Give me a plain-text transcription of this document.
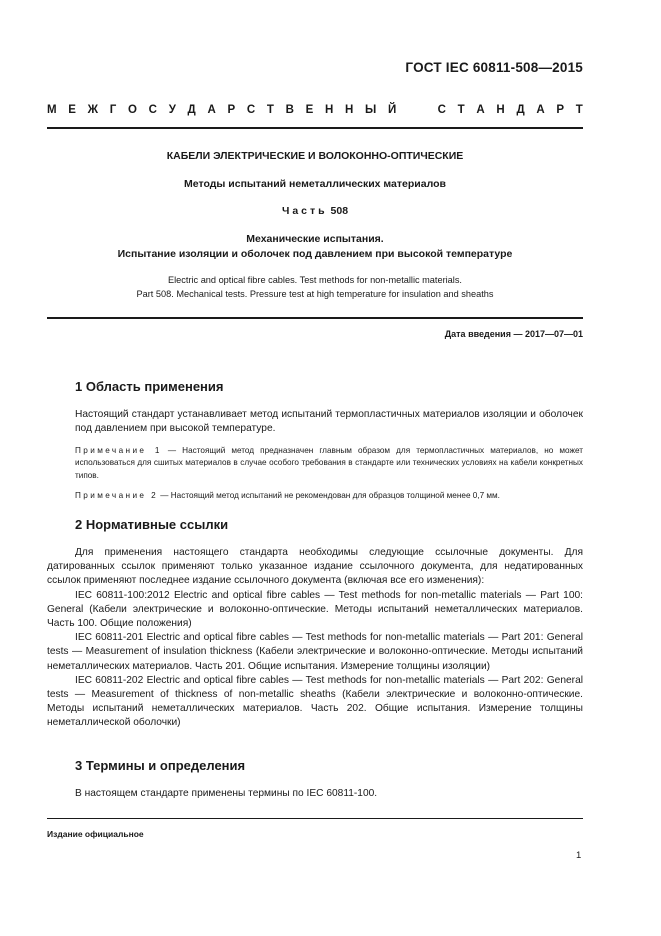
ГОСТ IEC 60811-508—2015
М Е Ж Г О С У Д А Р С Т В Е Н Н Ы Й	С Т А Н Д А Р Т
КАБЕЛИ ЭЛЕКТРИЧЕСКИЕ И ВОЛОКОННО-ОПТИЧЕСКИЕ
Методы испытаний неметаллических материалов
Часть 508
Механические испытания.
Испытание изоляции и оболочек под давлением при высокой температуре
Electric and optical fibre cables. Test methods for non-metallic materials.
Part 508. Mechanical tests. Pressure test at high temperature for insulation and sheaths
Дата введения — 2017—07—01
1 Область применения

Настоящий стандарт устанавливает метод испытаний термопластичных материалов изоляции и оболочек под давлением при высокой температуре.

Примечание 1 — Настоящий метод предназначен главным образом для термопластичных материалов, но может использоваться для сшитых материалов в случае особого требования в стандарте или технических условиях на кабели конкретных типов.
Примечание 2 — Настоящий метод испытаний не рекомендован для образцов толщиной менее 0,7 мм.
2 Нормативные ссылки

Для применения настоящего стандарта необходимы следующие ссылочные документы. Для датированных ссылок применяют только указанное издание ссылочного документа, для недатированных ссылок применяют последнее издание ссылочного документа (включая все его изменения):

IEC 60811-100:2012 Electric and optical fibre cables — Test methods for non-metallic materials — Part 100: General (Кабели электрические и волоконно-оптические. Методы испытаний неметаллических материалов. Часть 100. Общие положения)

IEC 60811-201 Electric and optical fibre cables — Test methods for non-metallic materials — Part 201: General tests — Measurement of insulation thickness (Кабели электрические и волоконно-оптические. Методы испытаний неметаллических материалов. Часть 201. Общие испытания. Измерение толщины изоляции)

IEC 60811-202 Electric and optical fibre cables — Test methods for non-metallic materials — Part 202: General tests — Measurement of thickness of non-metallic sheaths (Кабели электрические и волоконно-оптические. Методы испытаний неметаллических материалов. Часть 202. Общие испытания. Измерение толщины неметаллической оболочки)

3 Термины и определения

В настоящем стандарте применены термины по IEC 60811-100.

Издание официальное
1
